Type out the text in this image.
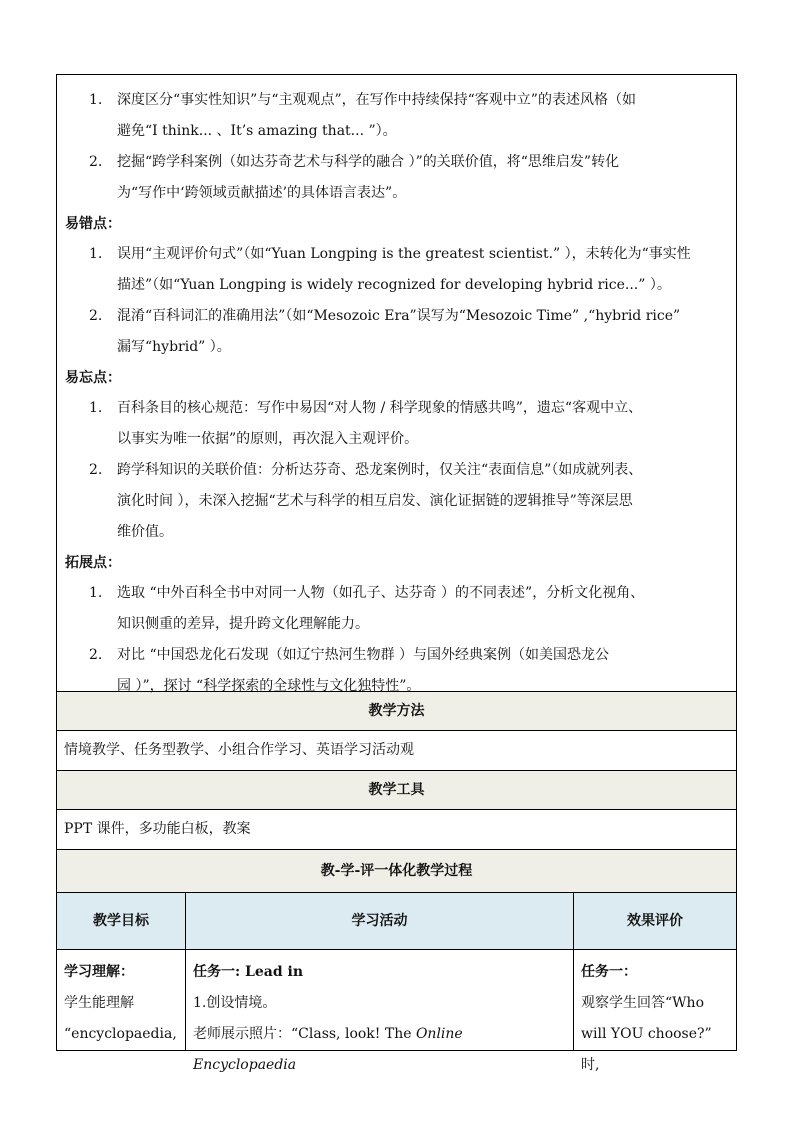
1. 深度区分“事实性知识”与“主观观点”，在写作中持续保持“客观中立”的表述风格（如
避免“I think... 、It’s amazing that... ”）。
2. 挖掘“跨学科案例（如达芬奇艺术与科学的融合 ）”的关联价值，将“思维启发”转化
为“写作中‘跨领域贡献描述’的具体语言表达”。

易错点：

1. 误用“主观评价句式”（如“Yuan Longping is the greatest scientist.” ），未转化为“事实性
描述”（如“Yuan Longping is widely recognized for developing hybrid rice...” ）。
2. 混淆“百科词汇的准确用法”（如“Mesozoic Era”误写为“Mesozoic Time” ,“hybrid rice”
漏写“hybrid” ）。

易忘点：

1. 百科条目的核心规范：写作中易因“对人物 / 科学现象的情感共鸣”，遗忘“客观中立、
以事实为唯一依据”的原则，再次混入主观评价。
2. 跨学科知识的关联价值：分析达芬奇、恐龙案例时，仅关注“表面信息”（如成就列表、
演化时间 ），未深入挖掘“艺术与科学的相互启发、演化证据链的逻辑推导”等深层思
维价值。

拓展点：

1. 选取 “中外百科全书中对同一人物（如孔子、达芬奇 ）的不同表述”，分析文化视角、
知识侧重的差异，提升跨文化理解能力。
2. 对比 “中国恐龙化石发现（如辽宁热河生物群 ）与国外经典案例（如美国恐龙公
园 ）”，探讨 “科学探索的全球性与文化独特性”。
教学方法
情境教学、任务型教学、小组合作学习、英语学习活动观
教学工具
PPT 课件，多功能白板，教案
教-学-评一体化教学过程
教学目标	学习活动	效果评价
学习理解：
学生能理解
“encyclopaedia,
任务一: Lead in
1.创设情境。
老师展示照片：“Class, look! The Online Encyclopaedia
任务一：
观察学生回答“Who
will YOU choose?” 时,
